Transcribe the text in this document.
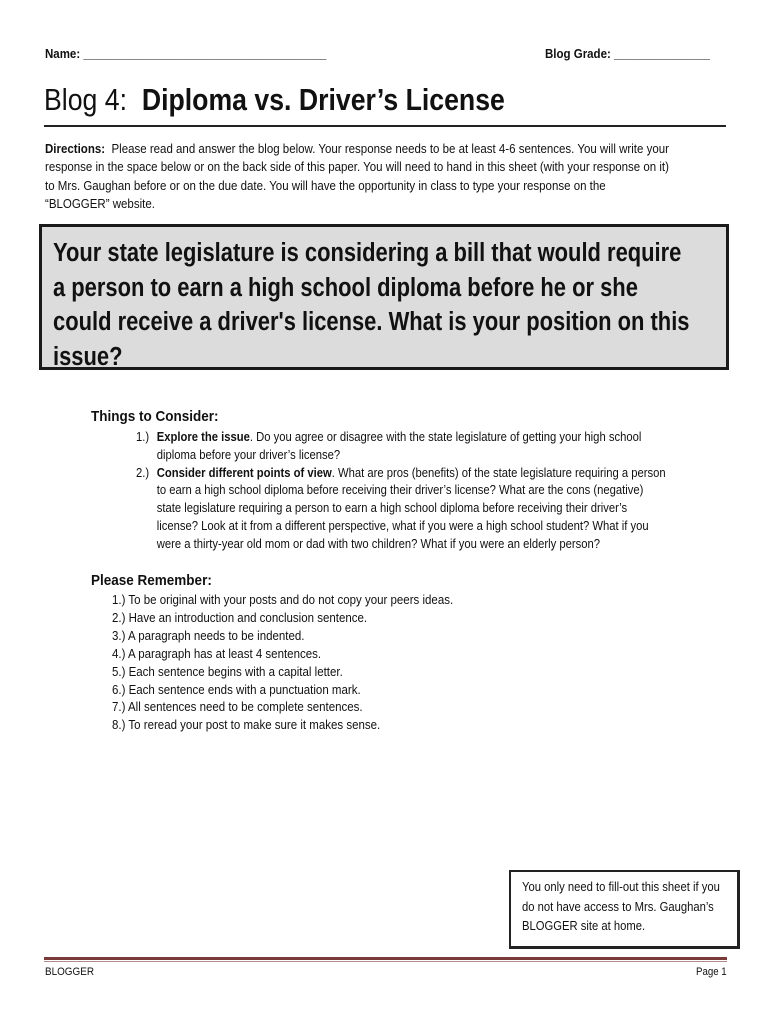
Name: ______________________________________	Blog Grade: _______________
Blog 4: Diploma vs. Driver’s License
Directions: Please read and answer the blog below. Your response needs to be at least 4-6 sentences. You will write your
response in the space below or on the back side of this paper. You will need to hand in this sheet (with your response on it)
to Mrs. Gaughan before or on the due date. You will have the opportunity in class to type your response on the
“BLOGGER” website.
Your state legislature is considering a bill that would require
a person to earn a high school diploma before he or she
could receive a driver's license. What is your position on this
issue?
Things to Consider:
1.) Explore the issue. Do you agree or disagree with the state legislature of getting your high school
diploma before your driver’s license?
2.) Consider different points of view. What are pros (benefits) of the state legislature requiring a person
to earn a high school diploma before receiving their driver’s license? What are the cons (negative)
state legislature requiring a person to earn a high school diploma before receiving their driver’s
license? Look at it from a different perspective, what if you were a high school student? What if you
were a thirty-year old mom or dad with two children? What if you were an elderly person?
Please Remember:
1.) To be original with your posts and do not copy your peers ideas.
2.) Have an introduction and conclusion sentence.
3.) A paragraph needs to be indented.
4.) A paragraph has at least 4 sentences.
5.) Each sentence begins with a capital letter.
6.) Each sentence ends with a punctuation mark.
7.) All sentences need to be complete sentences.
8.) To reread your post to make sure it makes sense.
You only need to fill-out this sheet if you
do not have access to Mrs. Gaughan’s
BLOGGER site at home.
BLOGGER	Page 1
